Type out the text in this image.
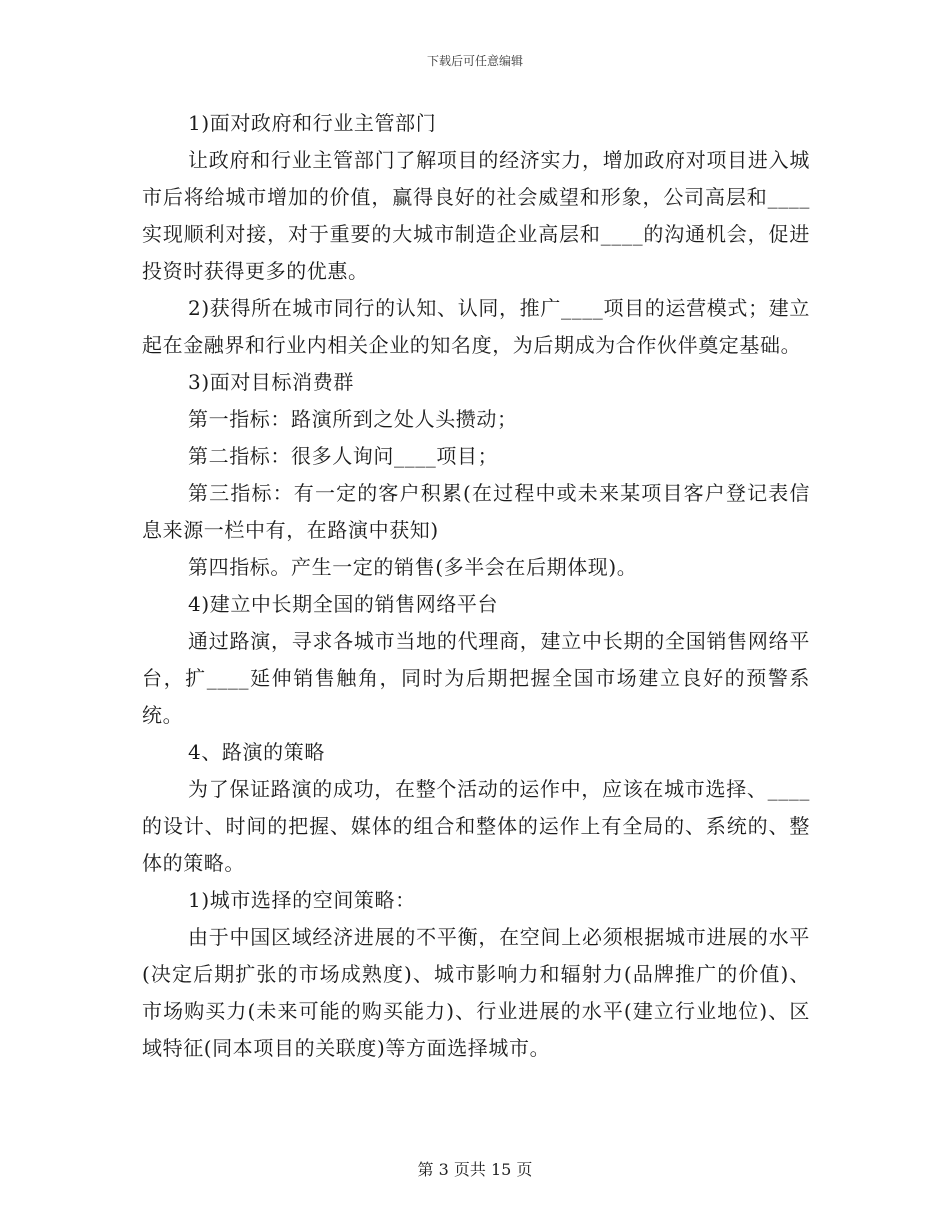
下载后可任意编辑

1)面对政府和行业主管部门

让政府和行业主管部门了解项目的经济实力，增加政府对项目进入城市后将给城市增加的价值，赢得良好的社会威望和形象，公司高层和____实现顺利对接，对于重要的大城市制造企业高层和____的沟通机会，促进投资时获得更多的优惠。

2)获得所在城市同行的认知、认同，推广____项目的运营模式；建立起在金融界和行业内相关企业的知名度，为后期成为合作伙伴奠定基础。

3)面对目标消费群

第一指标：路演所到之处人头攒动；

第二指标：很多人询问____项目；

第三指标：有一定的客户积累(在过程中或未来某项目客户登记表信息来源一栏中有，在路演中获知)

第四指标。产生一定的销售(多半会在后期体现)。

4)建立中长期全国的销售网络平台

通过路演，寻求各城市当地的代理商，建立中长期的全国销售网络平台，扩____延伸销售触角，同时为后期把握全国市场建立良好的预警系统。

4、路演的策略

为了保证路演的成功，在整个活动的运作中，应该在城市选择、____的设计、时间的把握、媒体的组合和整体的运作上有全局的、系统的、整体的策略。

1)城市选择的空间策略：

由于中国区域经济进展的不平衡，在空间上必须根据城市进展的水平(决定后期扩张的市场成熟度)、城市影响力和辐射力(品牌推广的价值)、市场购买力(未来可能的购买能力)、行业进展的水平(建立行业地位)、区域特征(同本项目的关联度)等方面选择城市。

第 3 页共 15 页
